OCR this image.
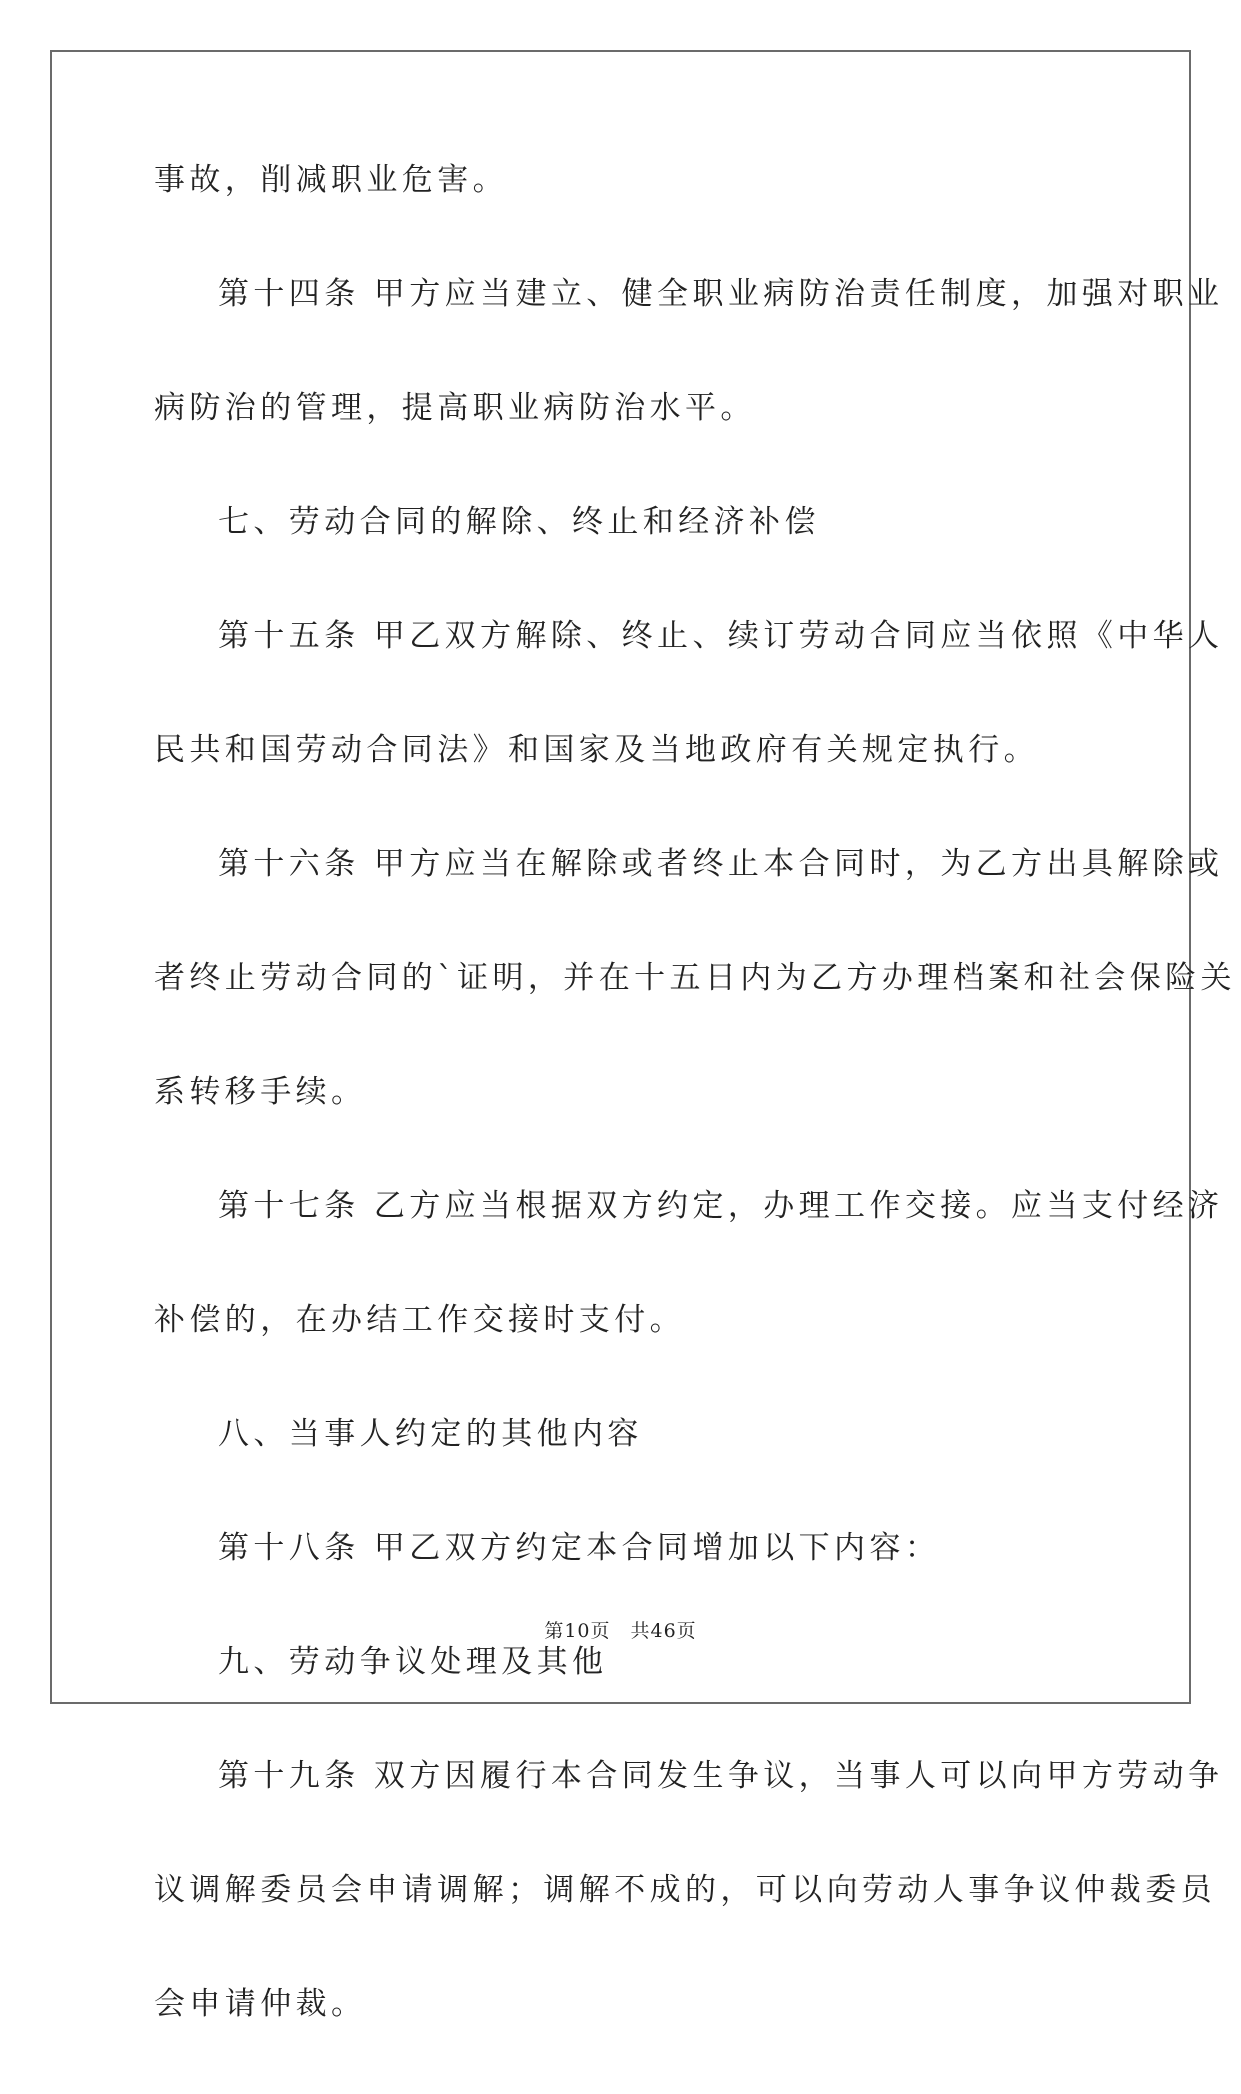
事故，削减职业危害。
第十四条 甲方应当建立、健全职业病防治责任制度，加强对职业
病防治的管理，提高职业病防治水平。
七、劳动合同的解除、终止和经济补偿
第十五条 甲乙双方解除、终止、续订劳动合同应当依照《中华人
民共和国劳动合同法》和国家及当地政府有关规定执行。
第十六条 甲方应当在解除或者终止本合同时，为乙方出具解除或
者终止劳动合同的`证明，并在十五日内为乙方办理档案和社会保险关
系转移手续。
第十七条 乙方应当根据双方约定，办理工作交接。应当支付经济
补偿的，在办结工作交接时支付。
八、当事人约定的其他内容
第十八条 甲乙双方约定本合同增加以下内容：
九、劳动争议处理及其他
第十九条 双方因履行本合同发生争议，当事人可以向甲方劳动争
议调解委员会申请调解；调解不成的，可以向劳动人事争议仲裁委员
会申请仲裁。
第10页　共46页
